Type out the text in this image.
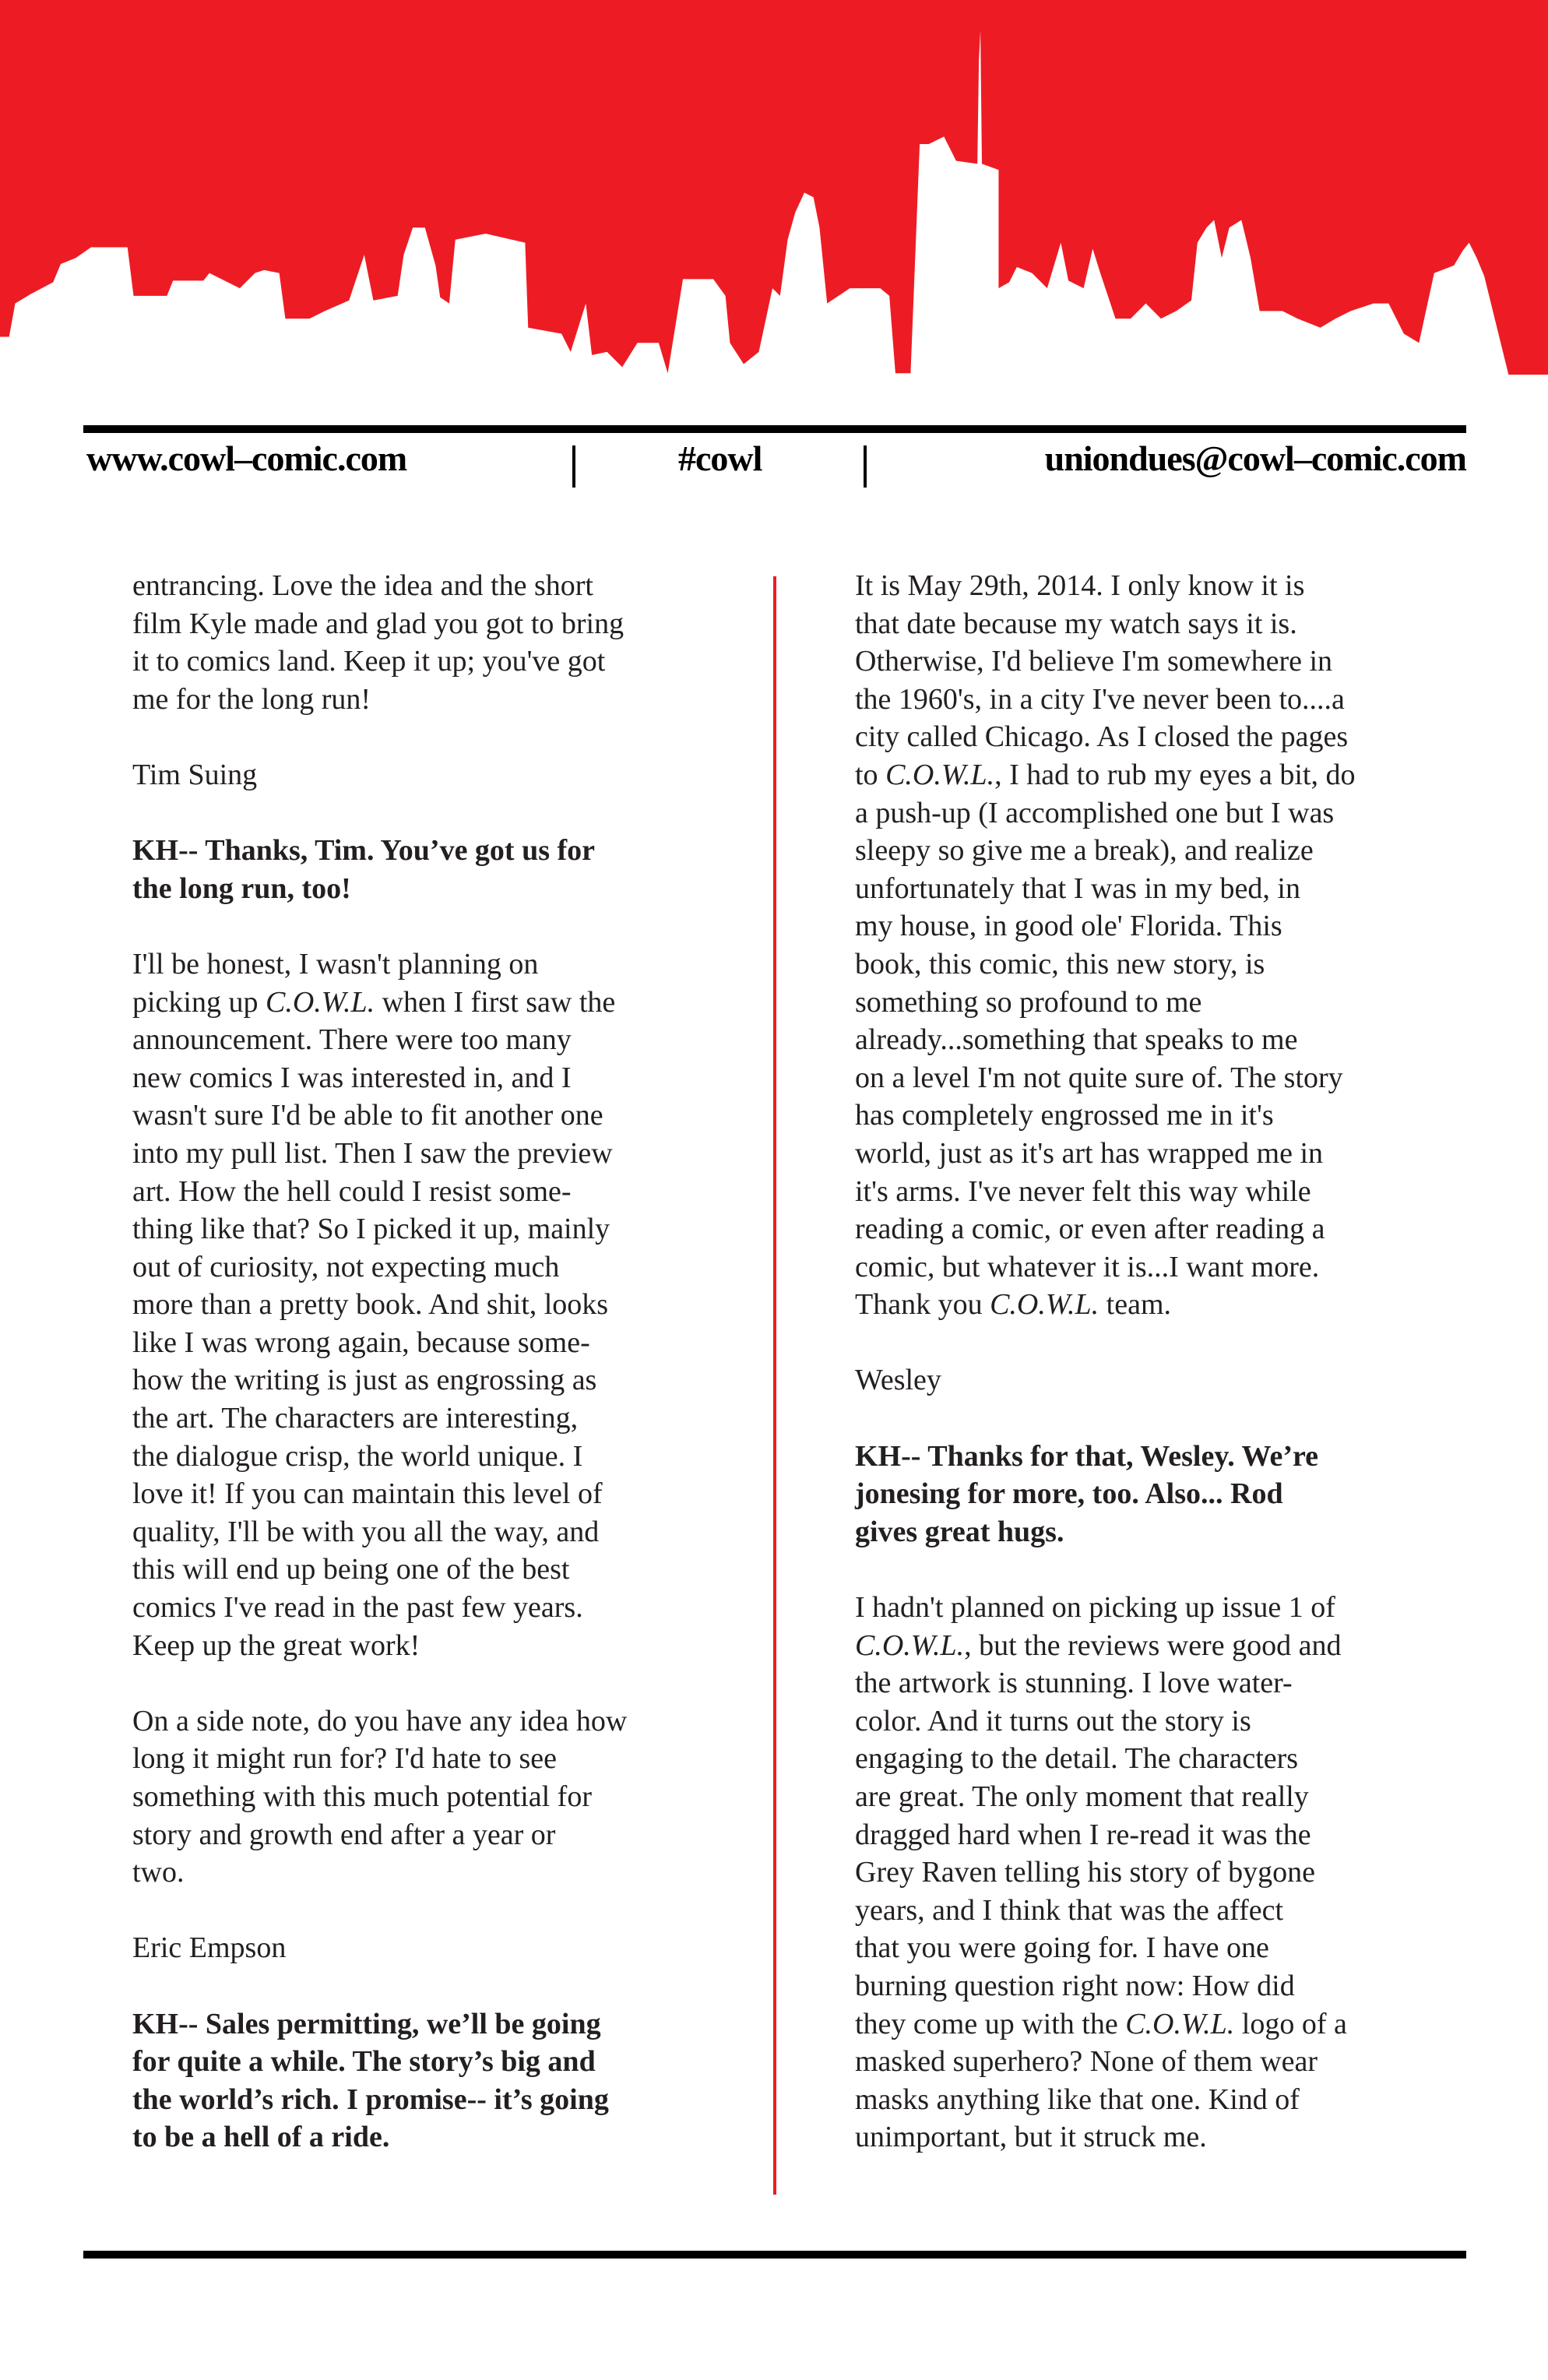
www.cowl–comic.com	#cowl	uniondues@cowl–comic.com
entrancing. Love the idea and the short
film Kyle made and glad you got to bring
it to comics land. Keep it up; you've got
me for the long run!
Tim Suing
KH-- Thanks, Tim. You’ve got us for
the long run, too!
I'll be honest, I wasn't planning on
picking up C.O.W.L. when I first saw the
announcement. There were too many
new comics I was interested in, and I
wasn't sure I'd be able to fit another one
into my pull list. Then I saw the preview
art. How the hell could I resist some-
thing like that? So I picked it up, mainly
out of curiosity, not expecting much
more than a pretty book. And shit, looks
like I was wrong again, because some-
how the writing is just as engrossing as
the art. The characters are interesting,
the dialogue crisp, the world unique. I
love it! If you can maintain this level of
quality, I'll be with you all the way, and
this will end up being one of the best
comics I've read in the past few years.
Keep up the great work!
On a side note, do you have any idea how
long it might run for? I'd hate to see
something with this much potential for
story and growth end after a year or
two.
Eric Empson
KH-- Sales permitting, we’ll be going
for quite a while. The story’s big and
the world’s rich. I promise-- it’s going
to be a hell of a ride.
It is May 29th, 2014. I only know it is
that date because my watch says it is.
Otherwise, I'd believe I'm somewhere in
the 1960's, in a city I've never been to....a
city called Chicago. As I closed the pages
to C.O.W.L., I had to rub my eyes a bit, do
a push-up (I accomplished one but I was
sleepy so give me a break), and realize
unfortunately that I was in my bed, in
my house, in good ole' Florida. This
book, this comic, this new story, is
something so profound to me
already...something that speaks to me
on a level I'm not quite sure of. The story
has completely engrossed me in it's
world, just as it's art has wrapped me in
it's arms. I've never felt this way while
reading a comic, or even after reading a
comic, but whatever it is...I want more.
Thank you C.O.W.L. team.
Wesley
KH-- Thanks for that, Wesley. We’re
jonesing for more, too. Also... Rod
gives great hugs.
I hadn't planned on picking up issue 1 of
C.O.W.L., but the reviews were good and
the artwork is stunning. I love water-
color. And it turns out the story is
engaging to the detail. The characters
are great. The only moment that really
dragged hard when I re-read it was the
Grey Raven telling his story of bygone
years, and I think that was the affect
that you were going for. I have one
burning question right now: How did
they come up with the C.O.W.L. logo of a
masked superhero? None of them wear
masks anything like that one. Kind of
unimportant, but it struck me.
